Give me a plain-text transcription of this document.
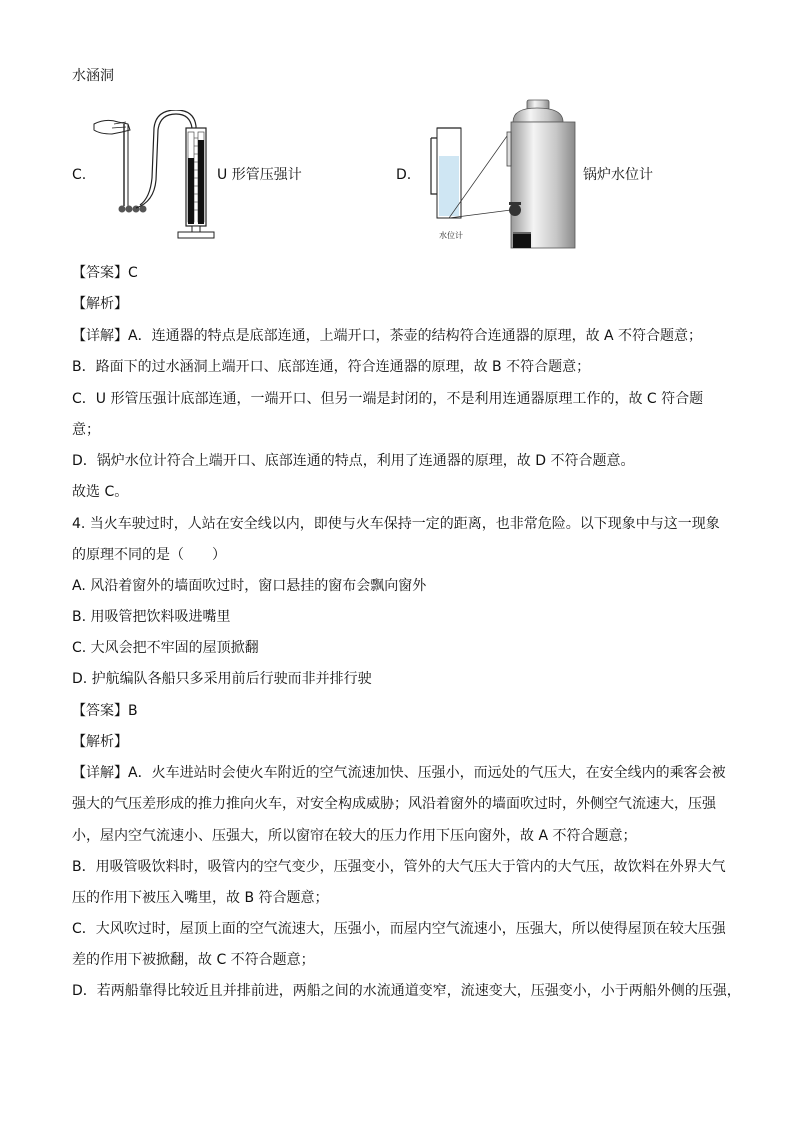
水涵洞
C.	U 形管压强计	D.
水位计
锅炉水位计
【答案】C
【解析】
【详解】A．连通器的特点是底部连通，上端开口，茶壶的结构符合连通器的原理，故 A 不符合题意；
B．路面下的过水涵洞上端开口、底部连通，符合连通器的原理，故 B 不符合题意；
C．U 形管压强计底部连通，一端开口、但另一端是封闭的，不是利用连通器原理工作的，故 C 符合题
意；
D．锅炉水位计符合上端开口、底部连通的特点，利用了连通器的原理，故 D 不符合题意。
故选 C。
4. 当火车驶过时，人站在安全线以内，即使与火车保持一定的距离，也非常危险。以下现象中与这一现象
的原理不同的是（　　）
A. 风沿着窗外的墙面吹过时，窗口悬挂的窗布会飘向窗外
B. 用吸管把饮料吸进嘴里
C. 大风会把不牢固的屋顶掀翻
D. 护航编队各船只多采用前后行驶而非并排行驶
【答案】B
【解析】
【详解】A．火车进站时会使火车附近的空气流速加快、压强小，而远处的气压大，在安全线内的乘客会被
强大的气压差形成的推力推向火车，对安全构成威胁；风沿着窗外的墙面吹过时，外侧空气流速大，压强
小，屋内空气流速小、压强大，所以窗帘在较大的压力作用下压向窗外，故 A 不符合题意；
B．用吸管吸饮料时，吸管内的空气变少，压强变小，管外的大气压大于管内的大气压，故饮料在外界大气
压的作用下被压入嘴里，故 B 符合题意；
C．大风吹过时，屋顶上面的空气流速大，压强小，而屋内空气流速小，压强大，所以使得屋顶在较大压强
差的作用下被掀翻，故 C 不符合题意；
D．若两船靠得比较近且并排前进，两船之间的水流通道变窄，流速变大，压强变小，小于两船外侧的压强，
